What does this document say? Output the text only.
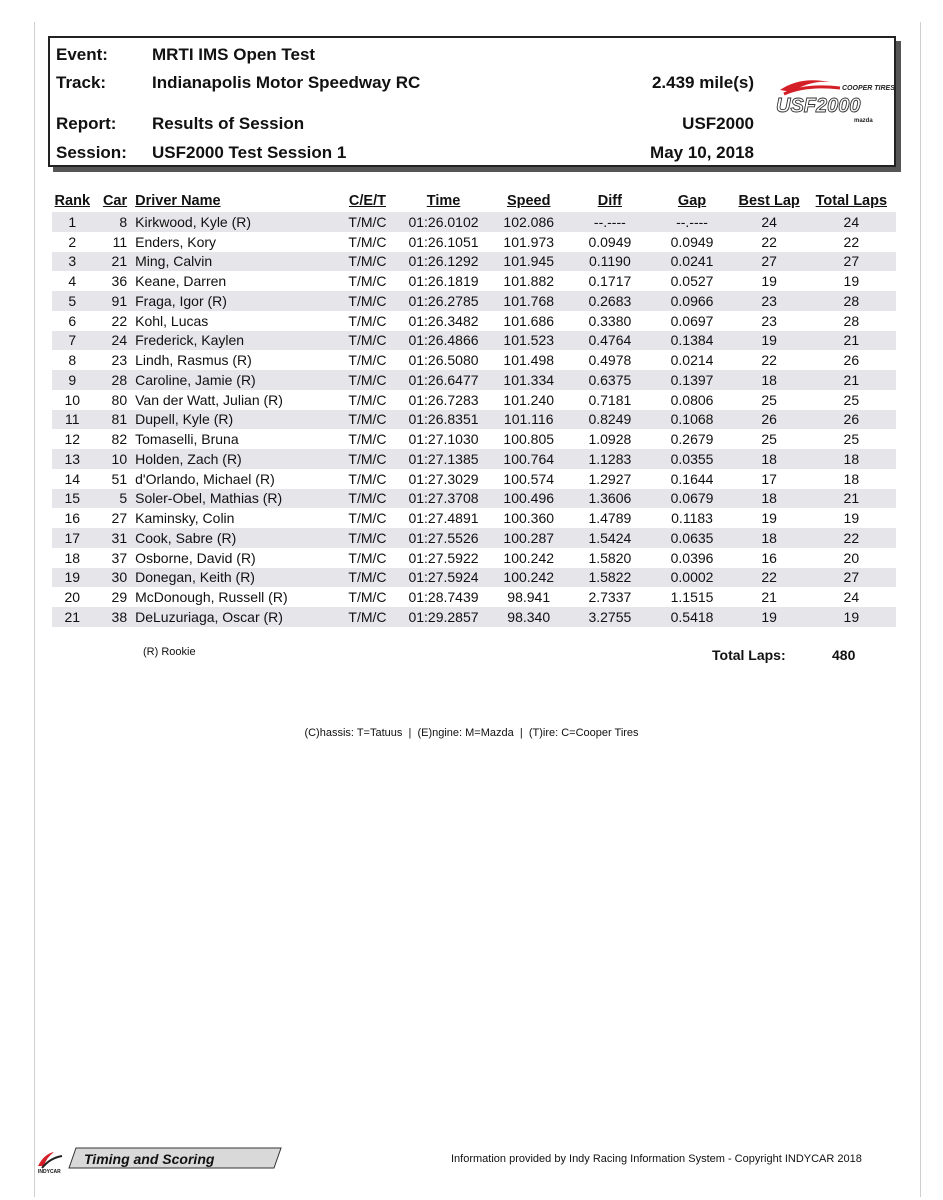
Event:	MRTI IMS Open Test
Track:	Indianapolis Motor Speedway RC	2.439 mile(s)
Report: Results of Session	USF2000
Session: USF2000 Test Session 1	May 10, 2018
COOPER TIRES
USF2000
mazda
Rank	Car	Driver Name	C/E/T	Time	Speed	Diff	Gap	Best Lap	Total Laps
1	8	Kirkwood, Kyle (R)	T/M/C	01:26.0102	102.086	--.----	--.----	24	24
2	11	Enders, Kory	T/M/C	01:26.1051	101.973	0.0949	0.0949	22	22
3	21	Ming, Calvin	T/M/C	01:26.1292	101.945	0.1190	0.0241	27	27
4	36	Keane, Darren	T/M/C	01:26.1819	101.882	0.1717	0.0527	19	19
5	91	Fraga, Igor (R)	T/M/C	01:26.2785	101.768	0.2683	0.0966	23	28
6	22	Kohl, Lucas	T/M/C	01:26.3482	101.686	0.3380	0.0697	23	28
7	24	Frederick, Kaylen	T/M/C	01:26.4866	101.523	0.4764	0.1384	19	21
8	23	Lindh, Rasmus (R)	T/M/C	01:26.5080	101.498	0.4978	0.0214	22	26
9	28	Caroline, Jamie (R)	T/M/C	01:26.6477	101.334	0.6375	0.1397	18	21
10	80	Van der Watt, Julian (R)	T/M/C	01:26.7283	101.240	0.7181	0.0806	25	25
11	81	Dupell, Kyle (R)	T/M/C	01:26.8351	101.116	0.8249	0.1068	26	26
12	82	Tomaselli, Bruna	T/M/C	01:27.1030	100.805	1.0928	0.2679	25	25
13	10	Holden, Zach (R)	T/M/C	01:27.1385	100.764	1.1283	0.0355	18	18
14	51	d'Orlando, Michael (R)	T/M/C	01:27.3029	100.574	1.2927	0.1644	17	18
15	5	Soler-Obel, Mathias (R)	T/M/C	01:27.3708	100.496	1.3606	0.0679	18	21
16	27	Kaminsky, Colin	T/M/C	01:27.4891	100.360	1.4789	0.1183	19	19
17	31	Cook, Sabre (R)	T/M/C	01:27.5526	100.287	1.5424	0.0635	18	22
18	37	Osborne, David (R)	T/M/C	01:27.5922	100.242	1.5820	0.0396	16	20
19	30	Donegan, Keith (R)	T/M/C	01:27.5924	100.242	1.5822	0.0002	22	27
20	29	McDonough, Russell (R)	T/M/C	01:28.7439	98.941	2.7337	1.1515	21	24
21	38	DeLuzuriaga, Oscar (R)	T/M/C	01:29.2857	98.340	3.2755	0.5418	19	19
(R) Rookie	Total Laps:	480
(C)hassis: T=Tatuus  |  (E)ngine: M=Mazda  |  (T)ire: C=Cooper Tires
Timing and Scoring
INDYCAR
Information provided by Indy Racing Information System - Copyright INDYCAR 2018
